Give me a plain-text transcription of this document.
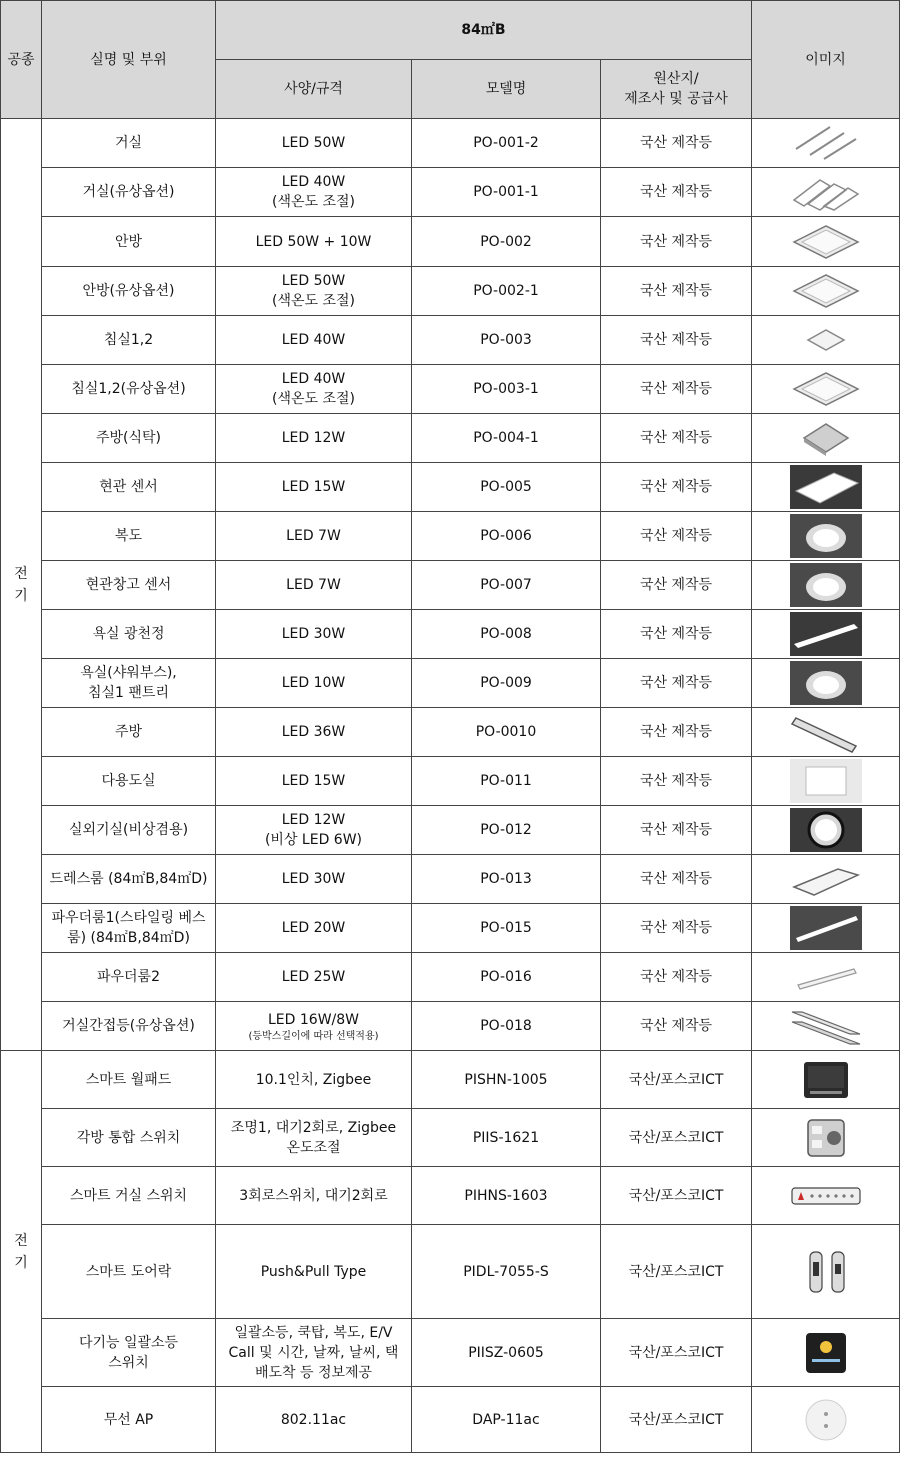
공종	실명 및 부위	84㎡B			이미지
		사양/규격	모델명	원산지/
제조사 및 공급사	

전
기	거실	LED 50W	PO-001-2	국산 제작등	

	거실(유상옵션)	LED 40W
(색온도 조절)	PO-001-1	국산 제작등	

	안방	LED 50W + 10W	PO-002	국산 제작등	

	안방(유상옵션)	LED 50W
(색온도 조절)	PO-002-1	국산 제작등	

	침실1,2	LED 40W	PO-003	국산 제작등	

	침실1,2(유상옵션)	LED 40W
(색온도 조절)	PO-003-1	국산 제작등	

	주방(식탁)	LED 12W	PO-004-1	국산 제작등	

	현관 센서	LED 15W	PO-005	국산 제작등	

	복도	LED 7W	PO-006	국산 제작등	

	현관창고 센서	LED 7W	PO-007	국산 제작등	

	욕실 광천정	LED 30W	PO-008	국산 제작등	

	욕실(샤워부스),
침실1 팬트리	LED 10W	PO-009	국산 제작등	

	주방	LED 36W	PO-0010	국산 제작등	

	다용도실	LED 15W	PO-011	국산 제작등	

	실외기실(비상겸용)	LED 12W
(비상 LED 6W)	PO-012	국산 제작등	

	드레스룸 (84㎡B,84㎡D)	LED 30W	PO-013	국산 제작등	

	파우더룸1(스타일링 베스
룸) (84㎡B,84㎡D)	LED 20W	PO-015	국산 제작등	

	파우더룸2	LED 25W	PO-016	국산 제작등	

	거실간접등(유상옵션)	LED 16W/8W
(등박스길이에 따라 선택적용)	PO-018	국산 제작등	

전
기	스마트 월패드	10.1인치, Zigbee	PISHN-1005	국산/포스코ICT	

	각방 통합 스위치	조명1, 대기2회로, Zigbee
온도조절	PIIS-1621	국산/포스코ICT	

	스마트 거실 스위치	3회로스위치, 대기2회로	PIHNS-1603	국산/포스코ICT	

	스마트 도어락	Push&Pull Type	PIDL-7055-S	국산/포스코ICT	

	다기능 일괄소등
스위치	일괄소등, 쿡탑, 복도, E/V
Call 및 시간, 날짜, 날씨, 택
배도착 등 정보제공	PIISZ-0605	국산/포스코ICT	

	무선 AP	802.11ac	DAP-11ac	국산/포스코ICT	
